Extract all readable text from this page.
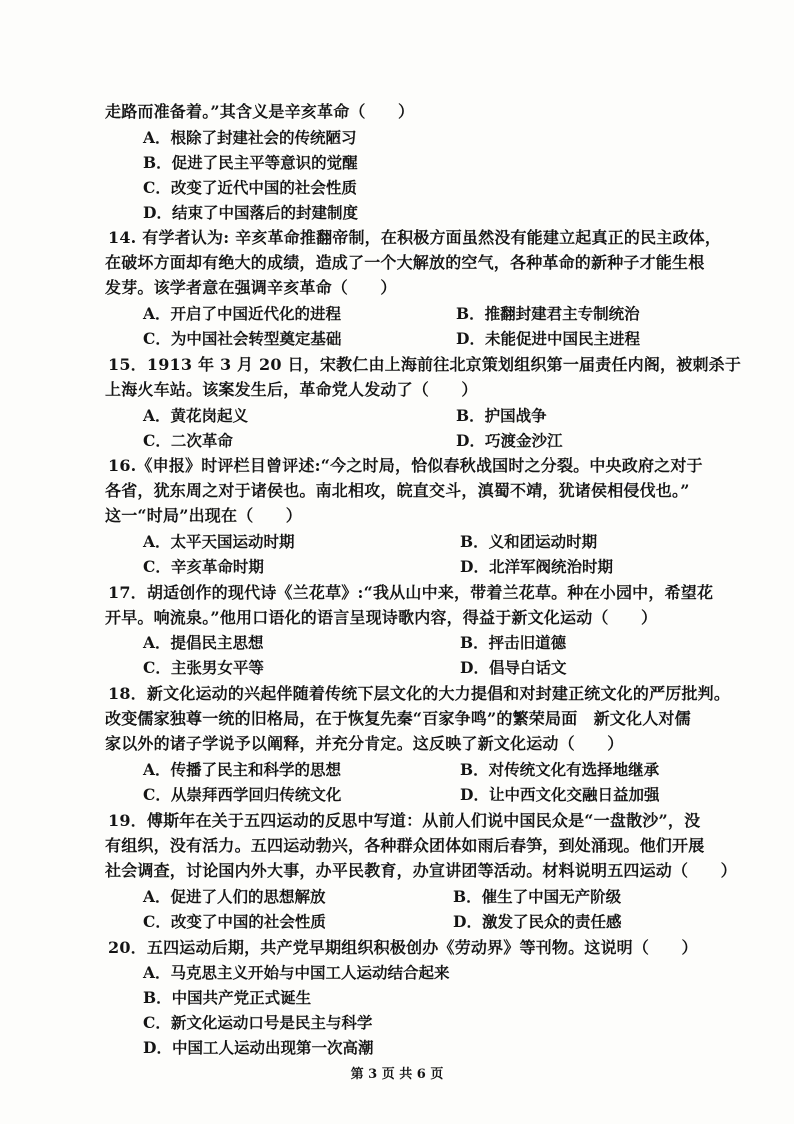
走路而准备着。”其含义是辛亥革命（　　）
A．根除了封建社会的传统陋习
B．促进了民主平等意识的觉醒
C．改变了近代中国的社会性质
D．结束了中国落后的封建制度
14. 有学者认为: 辛亥革命推翻帝制，在积极方面虽然没有能建立起真正的民主政体，
在破坏方面却有绝大的成绩，造成了一个大解放的空气，各种革命的新种子才能生根
发芽。该学者意在强调辛亥革命（　　）
A．开启了中国近代化的进程	B．推翻封建君主专制统治
C．为中国社会转型奠定基础	D．未能促进中国民主进程
15．1913 年 3 月 20 日，宋教仁由上海前往北京策划组织第一届责任内阁，被刺杀于
上海火车站。该案发生后，革命党人发动了（　　）
A．黄花岗起义	B．护国战争
C．二次革命	D．巧渡金沙江
16.《申报》时评栏目曾评述:“今之时局，恰似春秋战国时之分裂。中央政府之对于
各省，犹东周之对于诸侯也。南北相攻，皖直交斗，滇蜀不靖，犹诸侯相侵伐也。”
这一“时局”出现在（　　）
A．太平天国运动时期	B．义和团运动时期
C．辛亥革命时期	D．北洋军阀统治时期
17．胡适创作的现代诗《兰花草》:“我从山中来，带着兰花草。种在小园中，希望花
开早。响流泉。”他用口语化的语言呈现诗歌内容，得益于新文化运动（　　）
A．提倡民主思想	B．抨击旧道德
C．主张男女平等	D．倡导白话文
18．新文化运动的兴起伴随着传统下层文化的大力提倡和对封建正统文化的严厉批判。
改变儒家独尊一统的旧格局，在于恢复先秦“百家争鸣”的繁荣局面　新文化人对儒
家以外的诸子学说予以阐释，并充分肯定。这反映了新文化运动（　　）
A．传播了民主和科学的思想	B．对传统文化有选择地继承
C．从崇拜西学回归传统文化	D．让中西文化交融日益加强
19．傅斯年在关于五四运动的反思中写道：从前人们说中国民众是“一盘散沙”，没
有组织，没有活力。五四运动勃兴，各种群众团体如雨后春笋，到处涌现。他们开展
社会调查，讨论国内外大事，办平民教育，办宣讲团等活动。材料说明五四运动（　　）
A．促进了人们的思想解放	B．催生了中国无产阶级
C．改变了中国的社会性质	D．激发了民众的责任感
20．五四运动后期，共产党早期组织积极创办《劳动界》等刊物。这说明（　　）
A．马克思主义开始与中国工人运动结合起来
B．中国共产党正式诞生
C．新文化运动口号是民主与科学
D．中国工人运动出现第一次高潮
第 3 页 共 6 页
